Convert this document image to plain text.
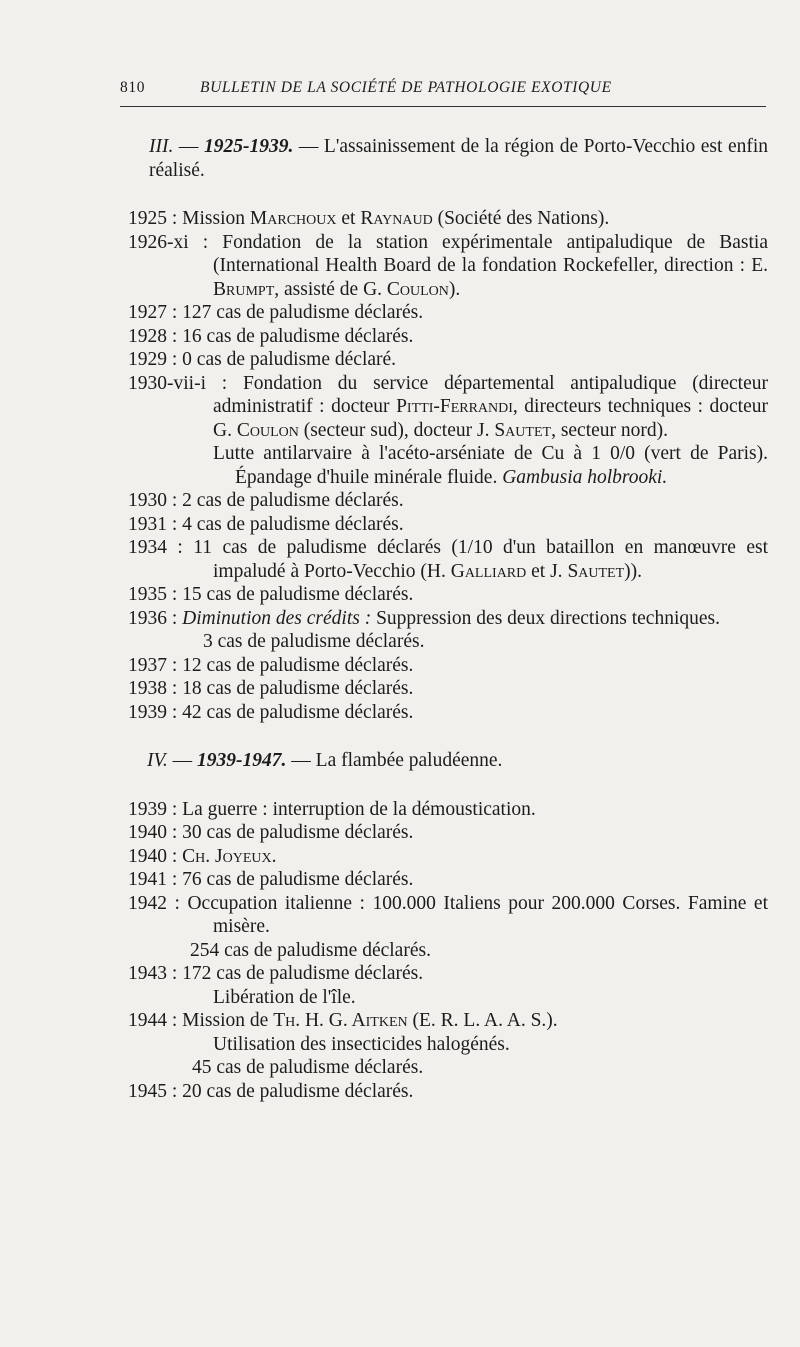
810	BULLETIN DE LA SOCIÉTÉ DE PATHOLOGIE EXOTIQUE
III. — 1925-1939. — L'assainissement de la région de Porto-Vecchio est enfin réalisé.
1925 : Mission Marchoux et Raynaud (Société des Nations).
1926-xi : Fondation de la station expérimentale antipaludique de Bastia (International Health Board de la fondation Rockefeller, direction : E. Brumpt, assisté de G. Coulon).
1927 : 127 cas de paludisme déclarés.
1928 : 16 cas de paludisme déclarés.
1929 : 0 cas de paludisme déclaré.
1930-vii-i : Fondation du service départemental antipaludique (directeur administratif : docteur Pitti-Ferrandi, directeurs techniques : docteur G. Coulon (secteur sud), docteur J. Sautet, secteur nord).
Lutte antilarvaire à l'acéto-arséniate de Cu à 1 0/0 (vert de Paris). Épandage d'huile minérale fluide. Gambusia holbrooki.
1930 : 2 cas de paludisme déclarés.
1931 : 4 cas de paludisme déclarés.
1934 : 11 cas de paludisme déclarés (1/10 d'un bataillon en manœuvre est impaludé à Porto-Vecchio (H. Galliard et J. Sautet)).
1935 : 15 cas de paludisme déclarés.
1936 : Diminution des crédits : Suppression des deux directions techniques.
3 cas de paludisme déclarés.
1937 : 12 cas de paludisme déclarés.
1938 : 18 cas de paludisme déclarés.
1939 : 42 cas de paludisme déclarés.
IV. — 1939-1947. — La flambée paludéenne.
1939 : La guerre : interruption de la démoustication.
1940 : 30 cas de paludisme déclarés.
1940 : Ch. Joyeux.
1941 : 76 cas de paludisme déclarés.
1942 : Occupation italienne : 100.000 Italiens pour 200.000 Corses. Famine et misère.
254 cas de paludisme déclarés.
1943 : 172 cas de paludisme déclarés.
Libération de l'île.
1944 : Mission de Th. H. G. Aitken (E. R. L. A. A. S.).
Utilisation des insecticides halogénés.
45 cas de paludisme déclarés.
1945 : 20 cas de paludisme déclarés.
